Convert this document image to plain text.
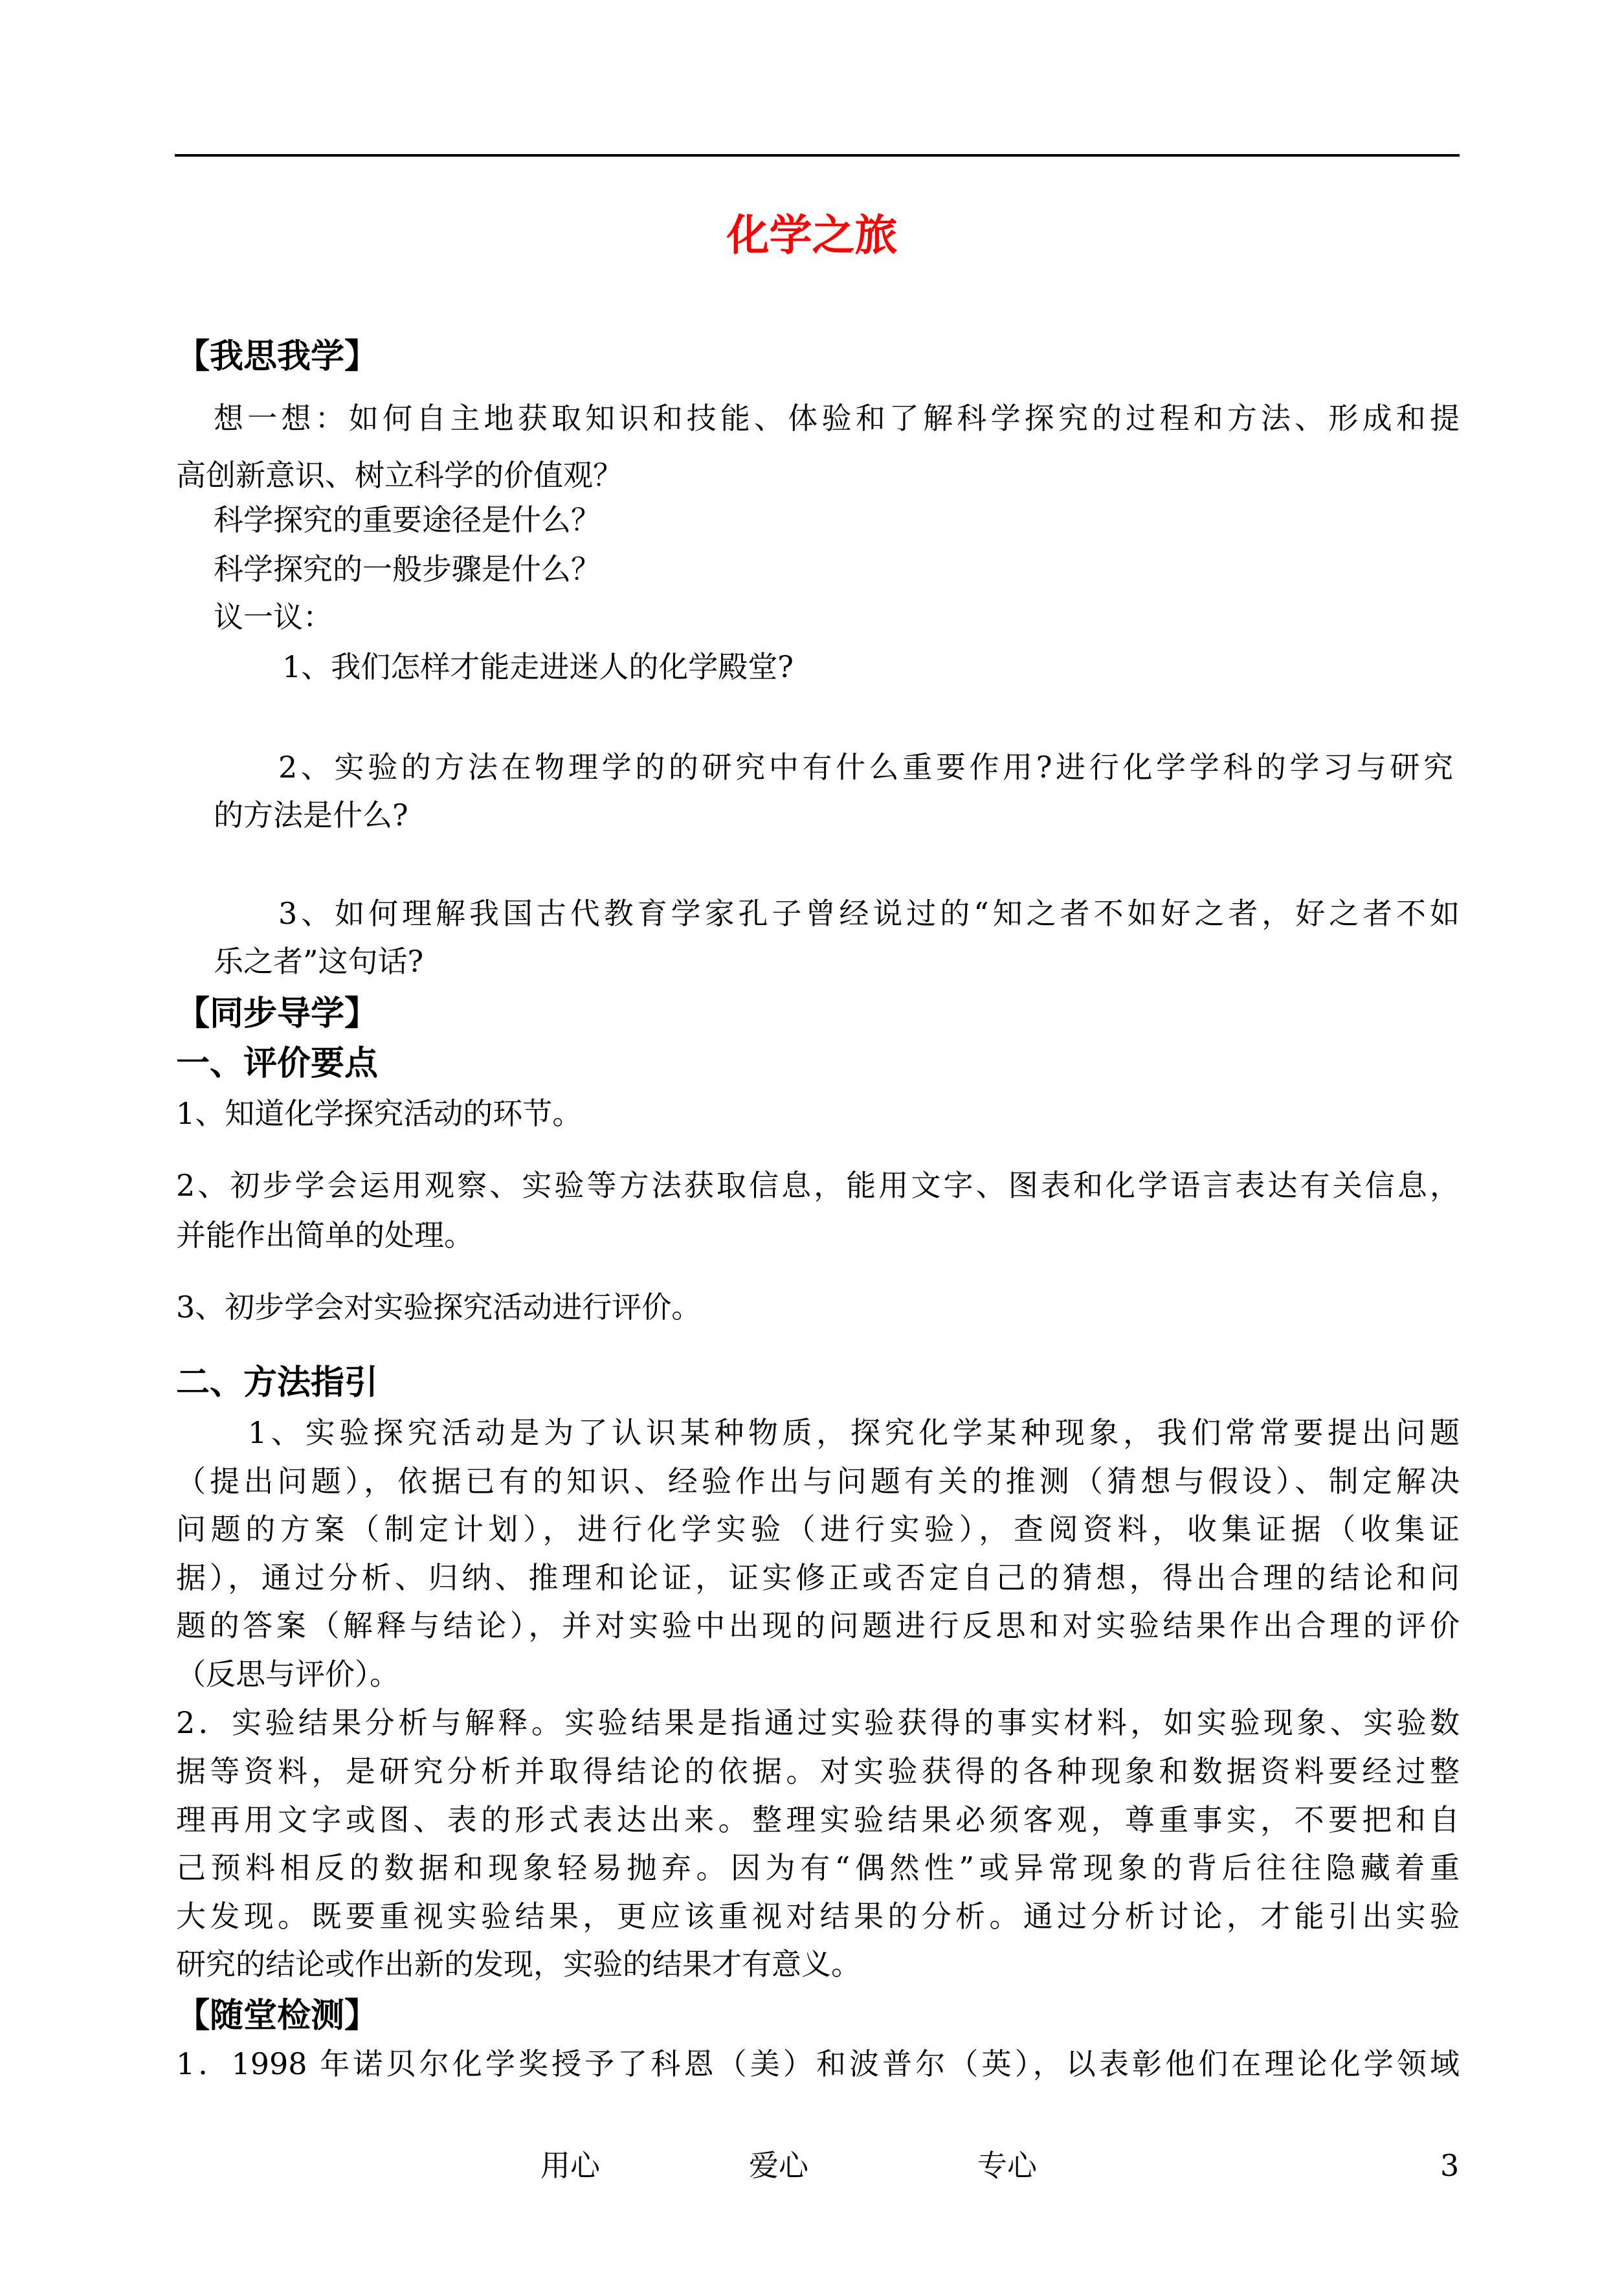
化学之旅
【我思我学】
想一想：如何自主地获取知识和技能、体验和了解科学探究的过程和方法、形成和提
高创新意识、树立科学的价值观？
科学探究的重要途径是什么？
科学探究的一般步骤是什么？
议一议：
1、我们怎样才能走进迷人的化学殿堂?
2、实验的方法在物理学的的研究中有什么重要作用?进行化学学科的学习与研究
的方法是什么?
3、如何理解我国古代教育学家孔子曾经说过的“知之者不如好之者，好之者不如
乐之者”这句话?
【同步导学】
一、评价要点
1、知道化学探究活动的环节。
2、初步学会运用观察、实验等方法获取信息，能用文字、图表和化学语言表达有关信息，
并能作出简单的处理。
3、初步学会对实验探究活动进行评价。
二、方法指引
1、实验探究活动是为了认识某种物质，探究化学某种现象，我们常常要提出问题
（提出问题），依据已有的知识、经验作出与问题有关的推测（猜想与假设）、制定解决
问题的方案（制定计划），进行化学实验（进行实验），查阅资料，收集证据（收集证
据），通过分析、归纳、推理和论证，证实修正或否定自己的猜想，得出合理的结论和问
题的答案（解释与结论），并对实验中出现的问题进行反思和对实验结果作出合理的评价
（反思与评价）。
2．实验结果分析与解释。实验结果是指通过实验获得的事实材料，如实验现象、实验数
据等资料，是研究分析并取得结论的依据。对实验获得的各种现象和数据资料要经过整
理再用文字或图、表的形式表达出来。整理实验结果必须客观，尊重事实，不要把和自
己预料相反的数据和现象轻易抛弃。因为有“偶然性”或异常现象的背后往往隐藏着重
大发现。既要重视实验结果，更应该重视对结果的分析。通过分析讨论，才能引出实验
研究的结论或作出新的发现，实验的结果才有意义。
【随堂检测】
1．1998 年诺贝尔化学奖授予了科恩（美）和波普尔（英），以表彰他们在理论化学领域
用心	爱心	专心	3
